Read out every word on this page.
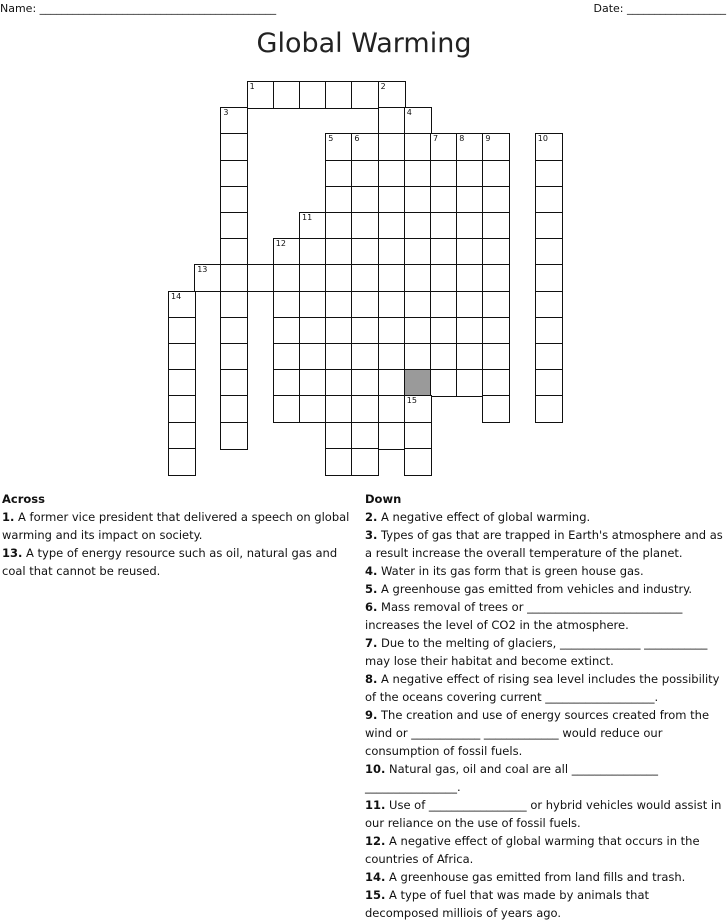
Name: ___________________________________________	Date: __________________
Global Warming
1	2
3	4
5	6	7	8	9	10
11
12
13
14
15
Across
1. A former vice president that delivered a speech on global warming and its impact on society.
13. A type of energy resource such as oil, natural gas and coal that cannot be reused.
Down
2. A negative effect of global warming.
3. Types of gas that are trapped in Earth's atmosphere and as a result increase the overall temperature of the planet.
4. Water in its gas form that is green house gas.
5. A greenhouse gas emitted from vehicles and industry.
6. Mass removal of trees or ___________________________ increases the level of CO2 in the atmosphere.
7. Due to the melting of glaciers, ______________ ___________ may lose their habitat and become extinct.
8. A negative effect of rising sea level includes the possibility of the oceans covering current ___________________.
9. The creation and use of energy sources created from the wind or ____________ _____________ would reduce our consumption of fossil fuels.
10. Natural gas, oil and coal are all _______________ ________________.
11. Use of _________________ or hybrid vehicles would assist in our reliance on the use of fossil fuels.
12. A negative effect of global warming that occurs in the countries of Africa.
14. A greenhouse gas emitted from land fills and trash.
15. A type of fuel that was made by animals that decomposed milliois of years ago.
